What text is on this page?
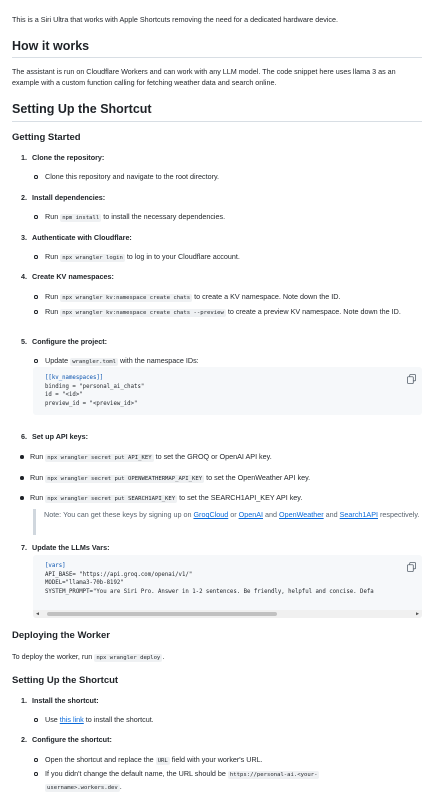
This is a Siri Ultra that works with Apple Shortcuts removing the need for a dedicated hardware device.
How it works
The assistant is run on Cloudflare Workers and can work with any LLM model. The code snippet here uses llama 3 as an example with a custom function calling for fetching weather data and search online.
Setting Up the Shortcut
Getting Started
1. Clone the repository:
Clone this repository and navigate to the root directory.
2. Install dependencies:
Run npm install to install the necessary dependencies.
3. Authenticate with Cloudflare:
Run npx wrangler login to log in to your Cloudflare account.
4. Create KV namespaces:
Run npx wrangler kv:namespace create chats to create a KV namespace. Note down the ID.
Run npx wrangler kv:namespace create chats --preview to create a preview KV namespace. Note down the ID.
5. Configure the project:
Update wrangler.toml with the namespace IDs:
[[kv_namespaces]]
binding = "personal_ai_chats"
id = "<id>"
preview_id = "<preview_id>"
6. Set up API keys:
Run npx wrangler secret put API_KEY to set the GROQ or OpenAI API key.
Run npx wrangler secret put OPENWEATHERMAP_API_KEY to set the OpenWeather API key.
Run npx wrangler secret put SEARCH1API_KEY to set the SEARCH1API_KEY API key.
Note: You can get these keys by signing up on GroqCloud or OpenAI and OpenWeather and Search1API respectively.
7. Update the LLMs Vars:
[vars]
API_BASE= "https://api.groq.com/openai/v1/"
MODEL="llama3-70b-8192"
SYSTEM_PROMPT="You are Siri Pro. Answer in 1-2 sentences. Be friendly, helpful and concise. Defa
◀	▶
Deploying the Worker
To deploy the worker, run npx wrangler deploy .
Setting Up the Shortcut
1. Install the shortcut:
Use this link to install the shortcut.
2. Configure the shortcut:
Open the shortcut and replace the URL field with your worker's URL.
If you didn't change the default name, the URL should be https://personal-ai.<your-
username>.workers.dev .
